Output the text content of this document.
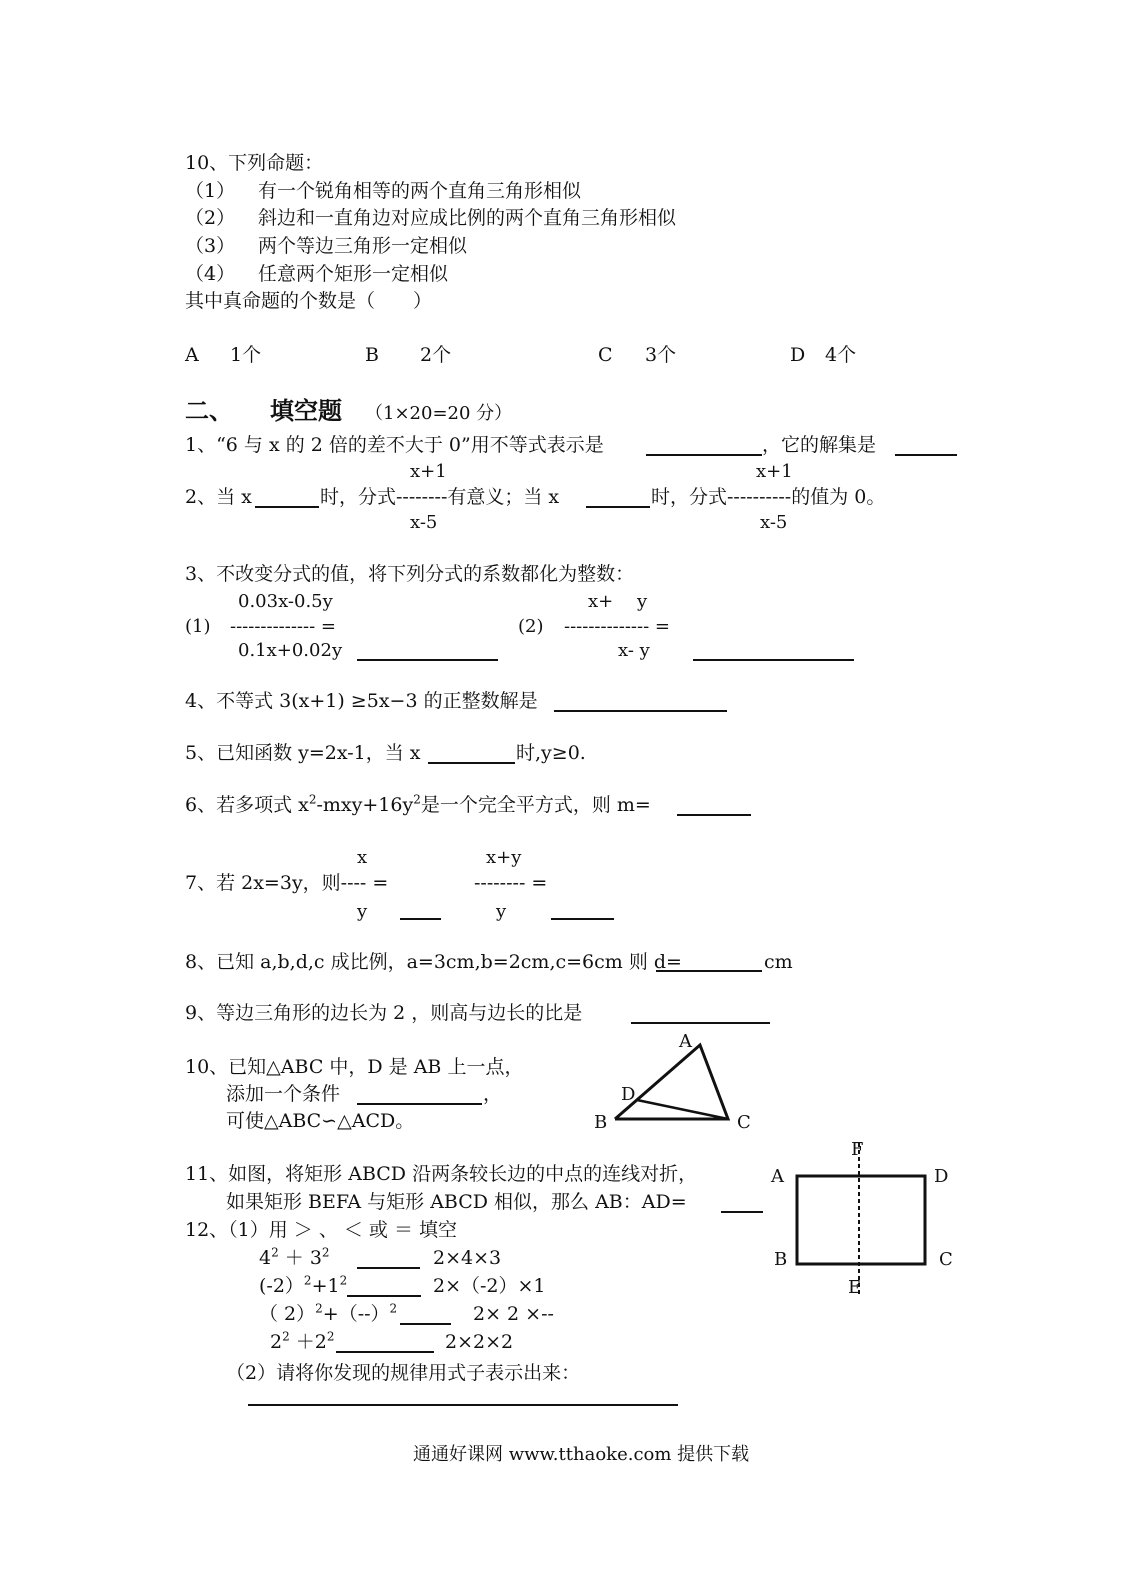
10、下列命题：
（1） 有一个锐角相等的两个直角三角形相似
（2） 斜边和一直角边对应成比例的两个直角三角形相似
（3） 两个等边三角形一定相似
（4） 任意两个矩形一定相似
其中真命题的个数是（　　）
A 1个	B 2个	C 3个	D 4个
二、 填空题 （1×20=20 分）
1、“6 与 x 的 2 倍的差不大于 0”用不等式表示是	，它的解集是
x+1	x+1
2、当 x	时，分式--------有意义；当 x	时，分式----------的值为 0。
x-5	x-5
3、不改变分式的值，将下列分式的系数都化为整数：
0.03x-0.5y	x+　 y
(1) -------------- =	(2) -------------- =
0.1x+0.02y	x- y
4、不等式 3(x+1) ≥5x−3 的正整数解是
5、已知函数 y=2x-1，当 x	时,y≥0.
6、若多项式 $x^2-mxy+16y^2$是一个完全平方式，则 m=
x	x+y
7、若 2x=3y，则---- =	-------- =
y	y
8、已知 a,b,d,c 成比例，a=3cm,b=2cm,c=6cm 则 d=	cm
9、等边三角形的边长为 2 ，则高与边长的比是
10、已知△ABC 中，D 是 AB 上一点，
添加一个条件	，
可使△ABC∽△ACD。
A
D
B	C
11、如图，将矩形 ABCD 沿两条较长边的中点的连线对折，
如果矩形 BEFA 与矩形 ABCD 相似，那么 AB：AD=
F
A	D
B	C
E
12、（1）用 ＞ 、 ＜ 或 ＝ 填空
$4^2 + 3^2$	2×4×3
$(-2)^2+1^2$	2×（-2）×1
（ $2)^2+(--)^2$	2× 2 ×--
$2^2 +2^2$	2×2×2
（2）请将你发现的规律用式子表示出来：
通通好课网 www.tthaoke.com 提供下载
